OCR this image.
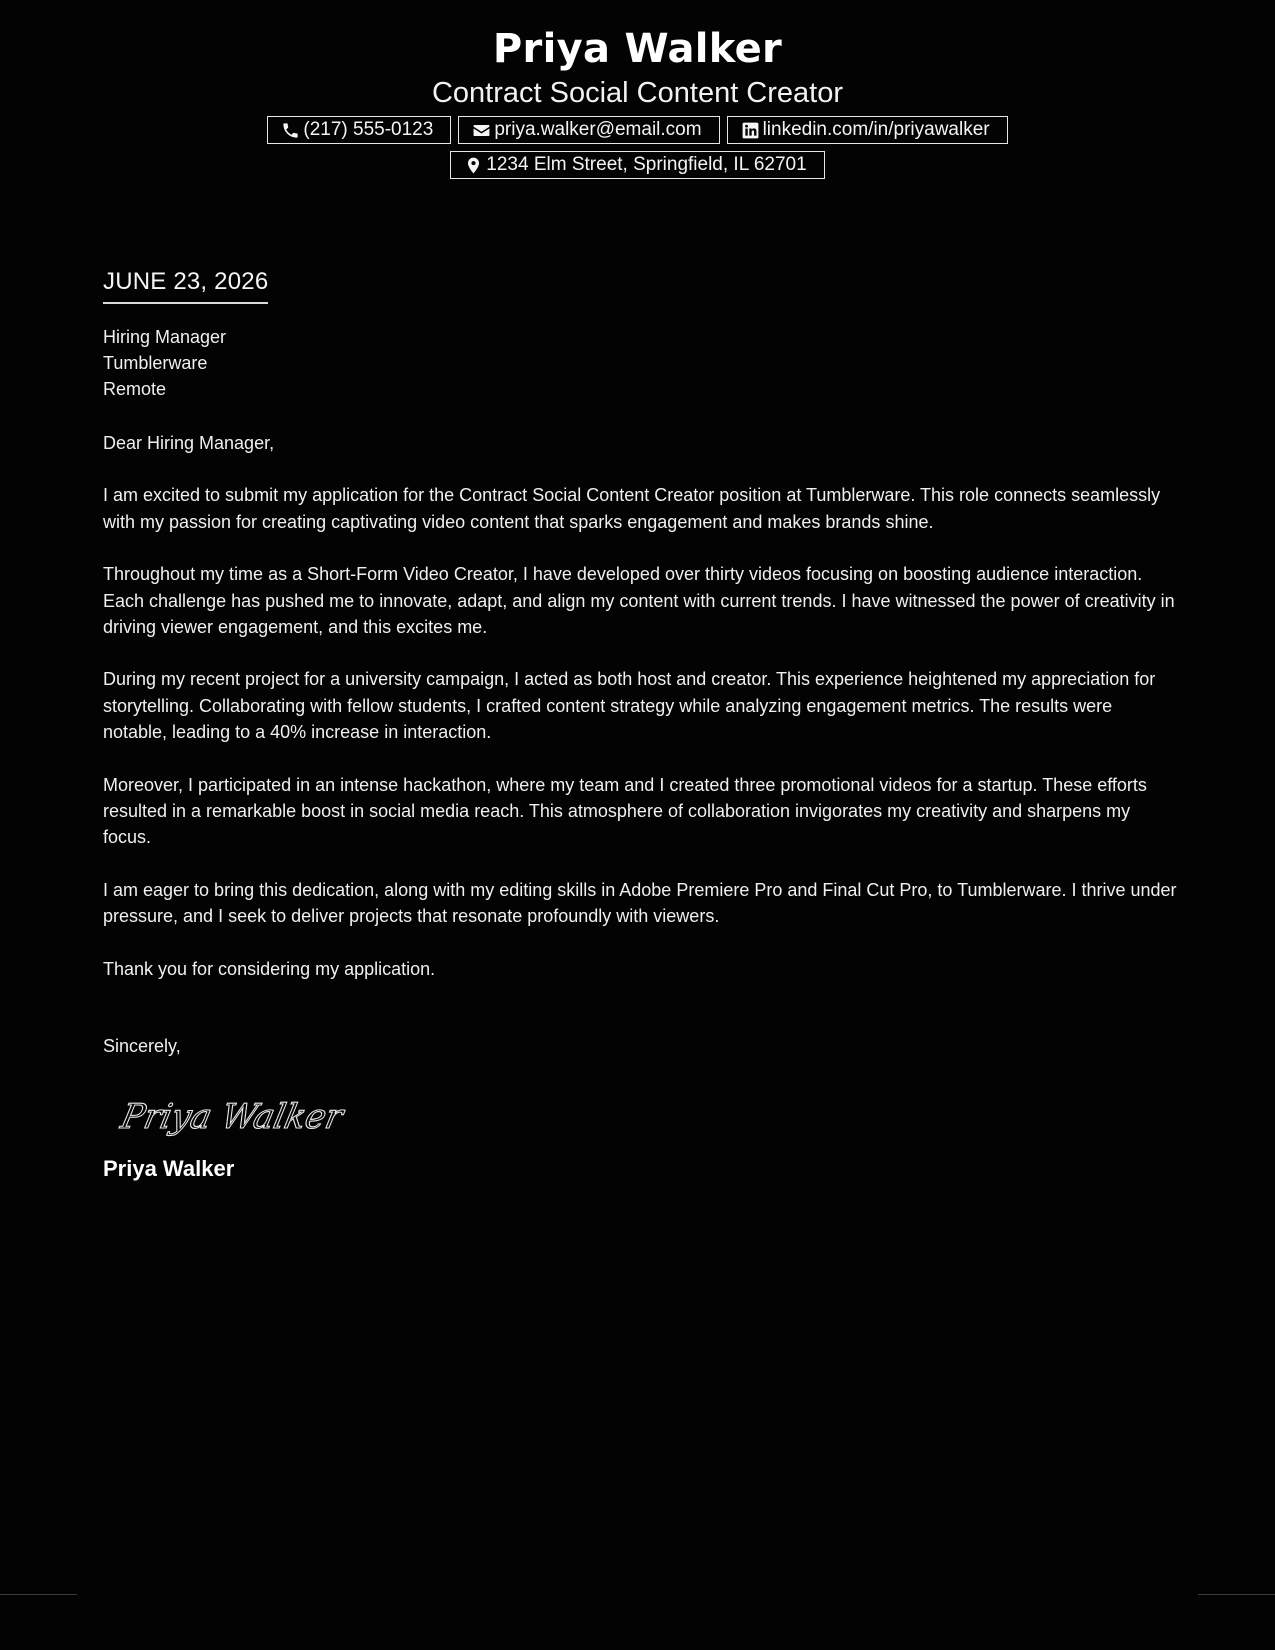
Priya Walker

Contract Social Content Creator

(217) 555-0123	priya.walker@email.com	linkedin.com/in/priyawalker
1234 Elm Street, Springfield, IL 62701
JUNE 23, 2026
Hiring Manager
Tumblerware
Remote
Dear Hiring Manager,

I am excited to submit my application for the Contract Social Content Creator position at Tumblerware. This role connects seamlessly with my passion for creating captivating video content that sparks engagement and makes brands shine.

Throughout my time as a Short-Form Video Creator, I have developed over thirty videos focusing on boosting audience interaction. Each challenge has pushed me to innovate, adapt, and align my content with current trends. I have witnessed the power of creativity in driving viewer engagement, and this excites me.

During my recent project for a university campaign, I acted as both host and creator. This experience heightened my appreciation for storytelling. Collaborating with fellow students, I crafted content strategy while analyzing engagement metrics. The results were notable, leading to a 40% increase in interaction.

Moreover, I participated in an intense hackathon, where my team and I created three promotional videos for a startup. These efforts resulted in a remarkable boost in social media reach. This atmosphere of collaboration invigorates my creativity and sharpens my focus.

I am eager to bring this dedication, along with my editing skills in Adobe Premiere Pro and Final Cut Pro, to Tumblerware. I thrive under pressure, and I seek to deliver projects that resonate profoundly with viewers.

Thank you for considering my application.

Sincerely,
Priya Walker
Priya Walker
